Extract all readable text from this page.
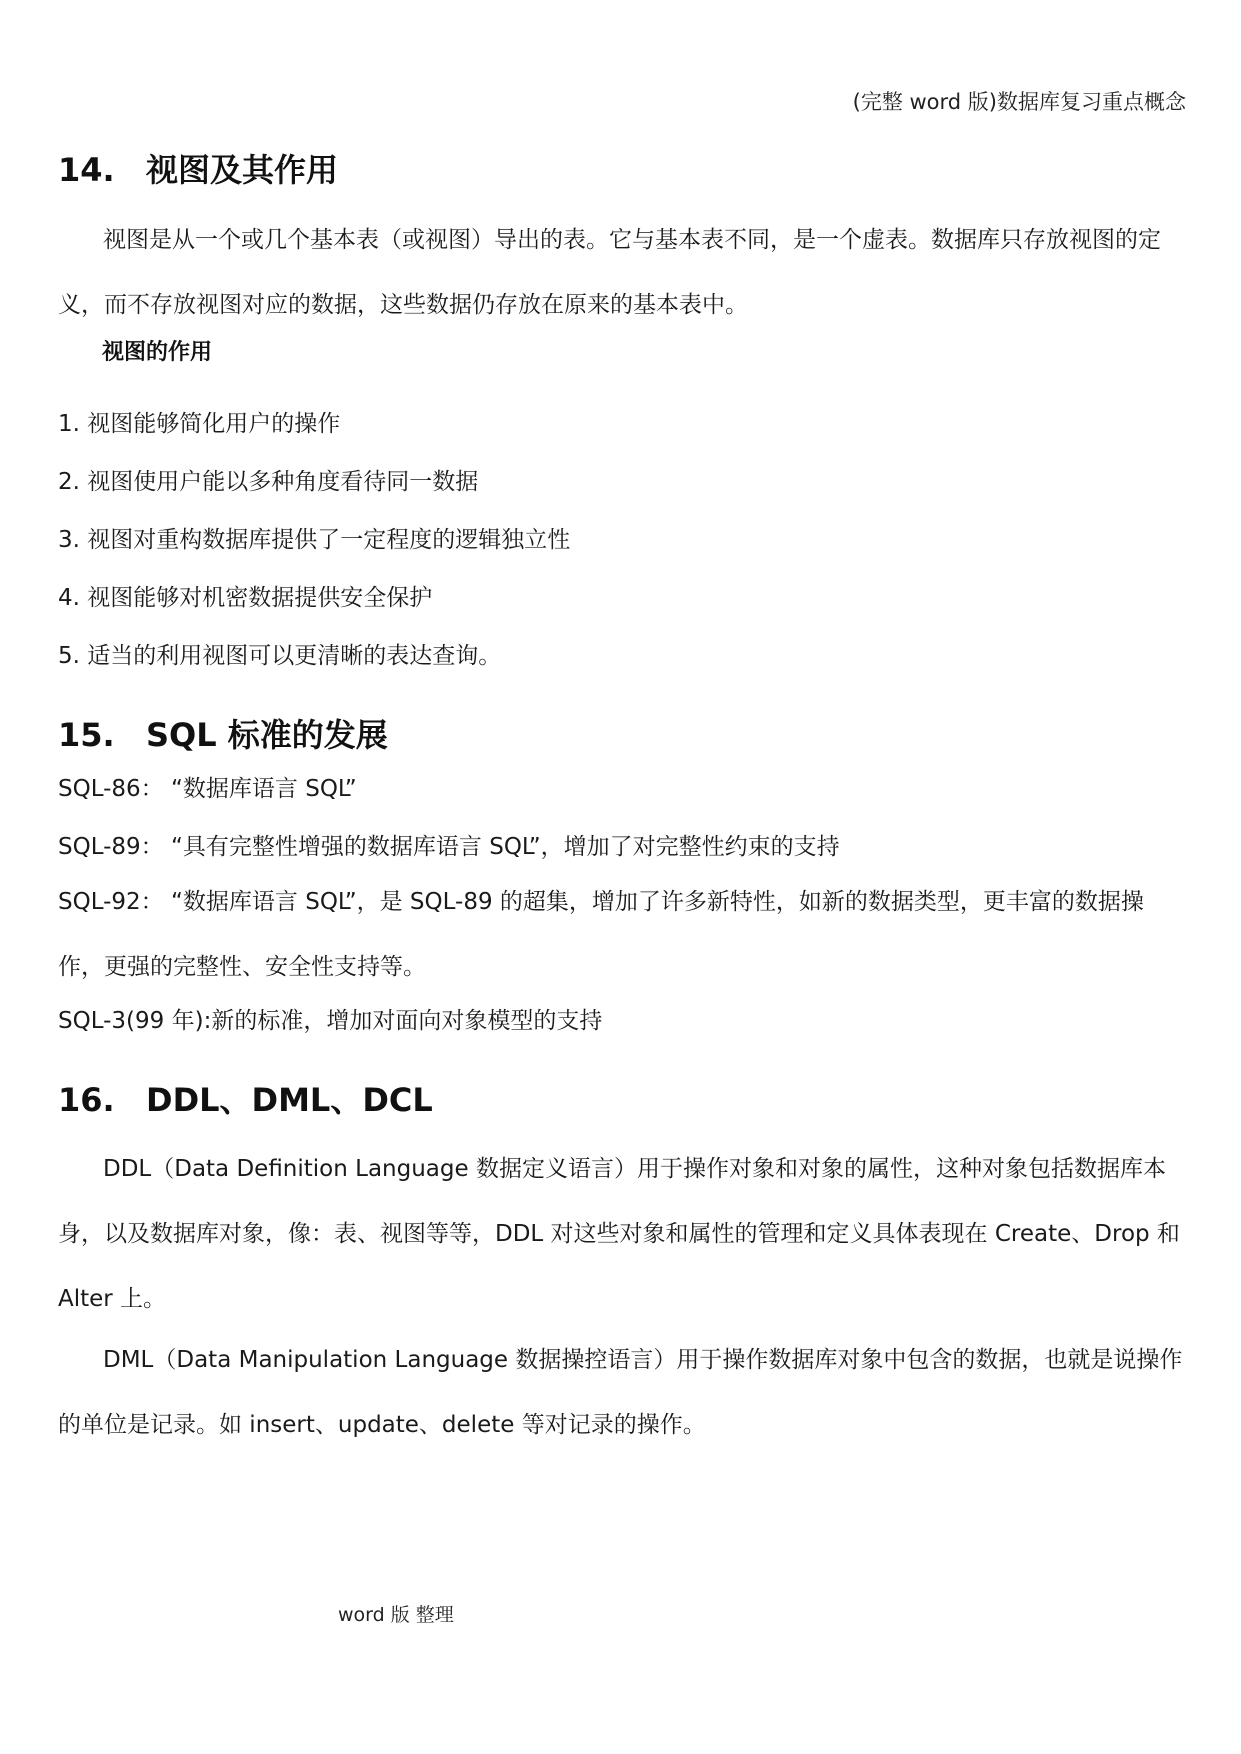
(完整 word 版)数据库复习重点概念
14. 视图及其作用
视图是从一个或几个基本表（或视图）导出的表。它与基本表不同，是一个虚表。数据库只存放视图的定义，而不存放视图对应的数据，这些数据仍存放在原来的基本表中。
视图的作用
1. 视图能够简化用户的操作
2. 视图使用户能以多种角度看待同一数据
3. 视图对重构数据库提供了一定程度的逻辑独立性
4. 视图能够对机密数据提供安全保护
5. 适当的利用视图可以更清晰的表达查询。
15. SQL 标准的发展
SQL-86： “数据库语言 SQL”
SQL-89： “具有完整性增强的数据库语言 SQL”，增加了对完整性约束的支持
SQL-92： “数据库语言 SQL”，是 SQL-89 的超集，增加了许多新特性，如新的数据类型，更丰富的数据操作，更强的完整性、安全性支持等。
SQL-3(99 年):新的标准，增加对面向对象模型的支持
16. DDL、DML、DCL
DDL（Data Definition Language 数据定义语言）用于操作对象和对象的属性，这种对象包括数据库本身，以及数据库对象，像：表、视图等等，DDL 对这些对象和属性的管理和定义具体表现在 Create、Drop 和 Alter 上。
DML（Data Manipulation Language 数据操控语言）用于操作数据库对象中包含的数据，也就是说操作的单位是记录。如 insert、update、delete 等对记录的操作。
word 版 整理
